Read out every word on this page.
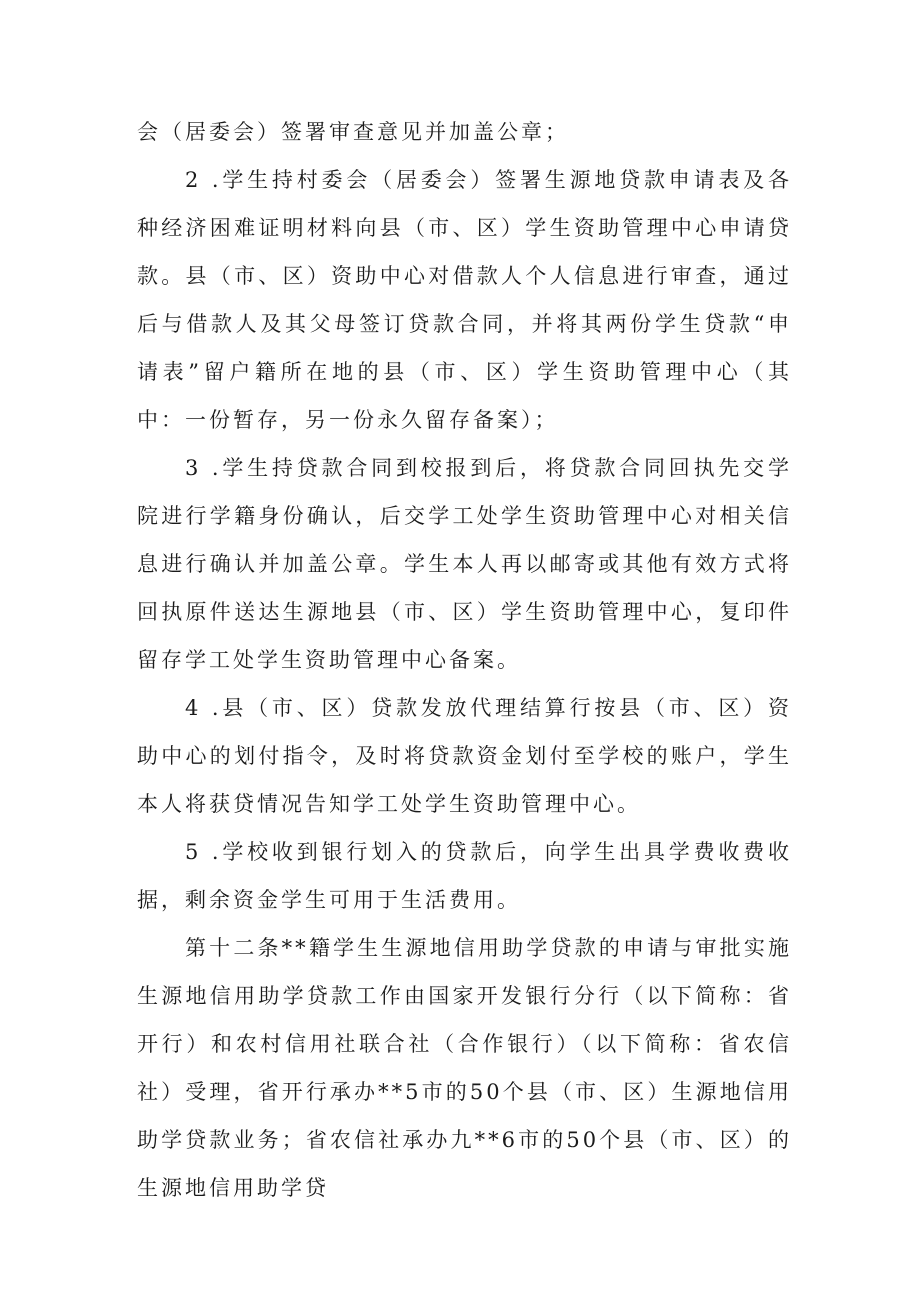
会（居委会）签署审查意见并加盖公章；

2 .学生持村委会（居委会）签署生源地贷款申请表及各种经济困难证明材料向县（市、区）学生资助管理中心申请贷款。县（市、区）资助中心对借款人个人信息进行审查，通过后与借款人及其父母签订贷款合同，并将其两份学生贷款“申请表”留户籍所在地的县（市、区）学生资助管理中心（其中：一份暂存，另一份永久留存备案）；

3 .学生持贷款合同到校报到后，将贷款合同回执先交学院进行学籍身份确认，后交学工处学生资助管理中心对相关信息进行确认并加盖公章。学生本人再以邮寄或其他有效方式将回执原件送达生源地县（市、区）学生资助管理中心，复印件留存学工处学生资助管理中心备案。

4 .县（市、区）贷款发放代理结算行按县（市、区）资助中心的划付指令，及时将贷款资金划付至学校的账户，学生本人将获贷情况告知学工处学生资助管理中心。

5 .学校收到银行划入的贷款后，向学生出具学费收费收据，剩余资金学生可用于生活费用。

第十二条**籍学生生源地信用助学贷款的申请与审批实施生源地信用助学贷款工作由国家开发银行分行（以下简称：省开行）和农村信用社联合社（合作银行）（以下简称：省农信社）受理，省开行承办**5市的50个县（市、区）生源地信用助学贷款业务；省农信社承办九**6市的50个县（市、区）的生源地信用助学贷
